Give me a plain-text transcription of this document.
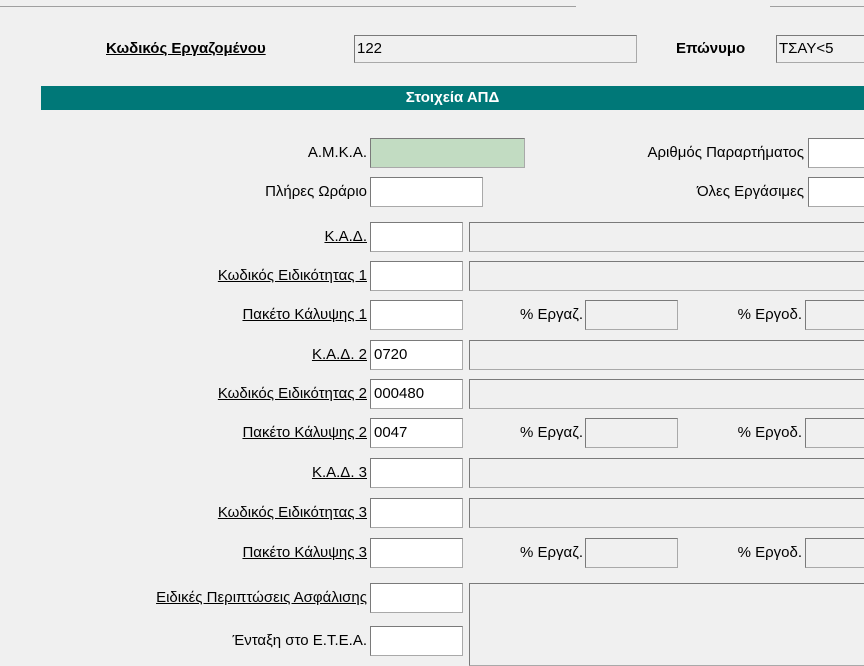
Κωδικός Εργαζομένου	122	Επώνυμο ΤΣΑΥ<5
Στοιχεία ΑΠΔ
Α.Μ.Κ.Α.	Αριθμός Παραρτήματος
Πλήρες Ωράριο	Όλες Εργάσιμες
Κ.Α.Δ.
Κωδικός Ειδικότητας 1
Πακέτο Κάλυψης 1	% Εργαζ.	% Εργοδ.
Κ.Α.Δ. 2 0720
Κωδικός Ειδικότητας 2 000480
Πακέτο Κάλυψης 2 0047	% Εργαζ.	% Εργοδ.
Κ.Α.Δ. 3
Κωδικός Ειδικότητας 3
Πακέτο Κάλυψης 3	% Εργαζ.	% Εργοδ.
Ειδικές Περιπτώσεις Ασφάλισης
Ένταξη στο Ε.Τ.Ε.Α.
